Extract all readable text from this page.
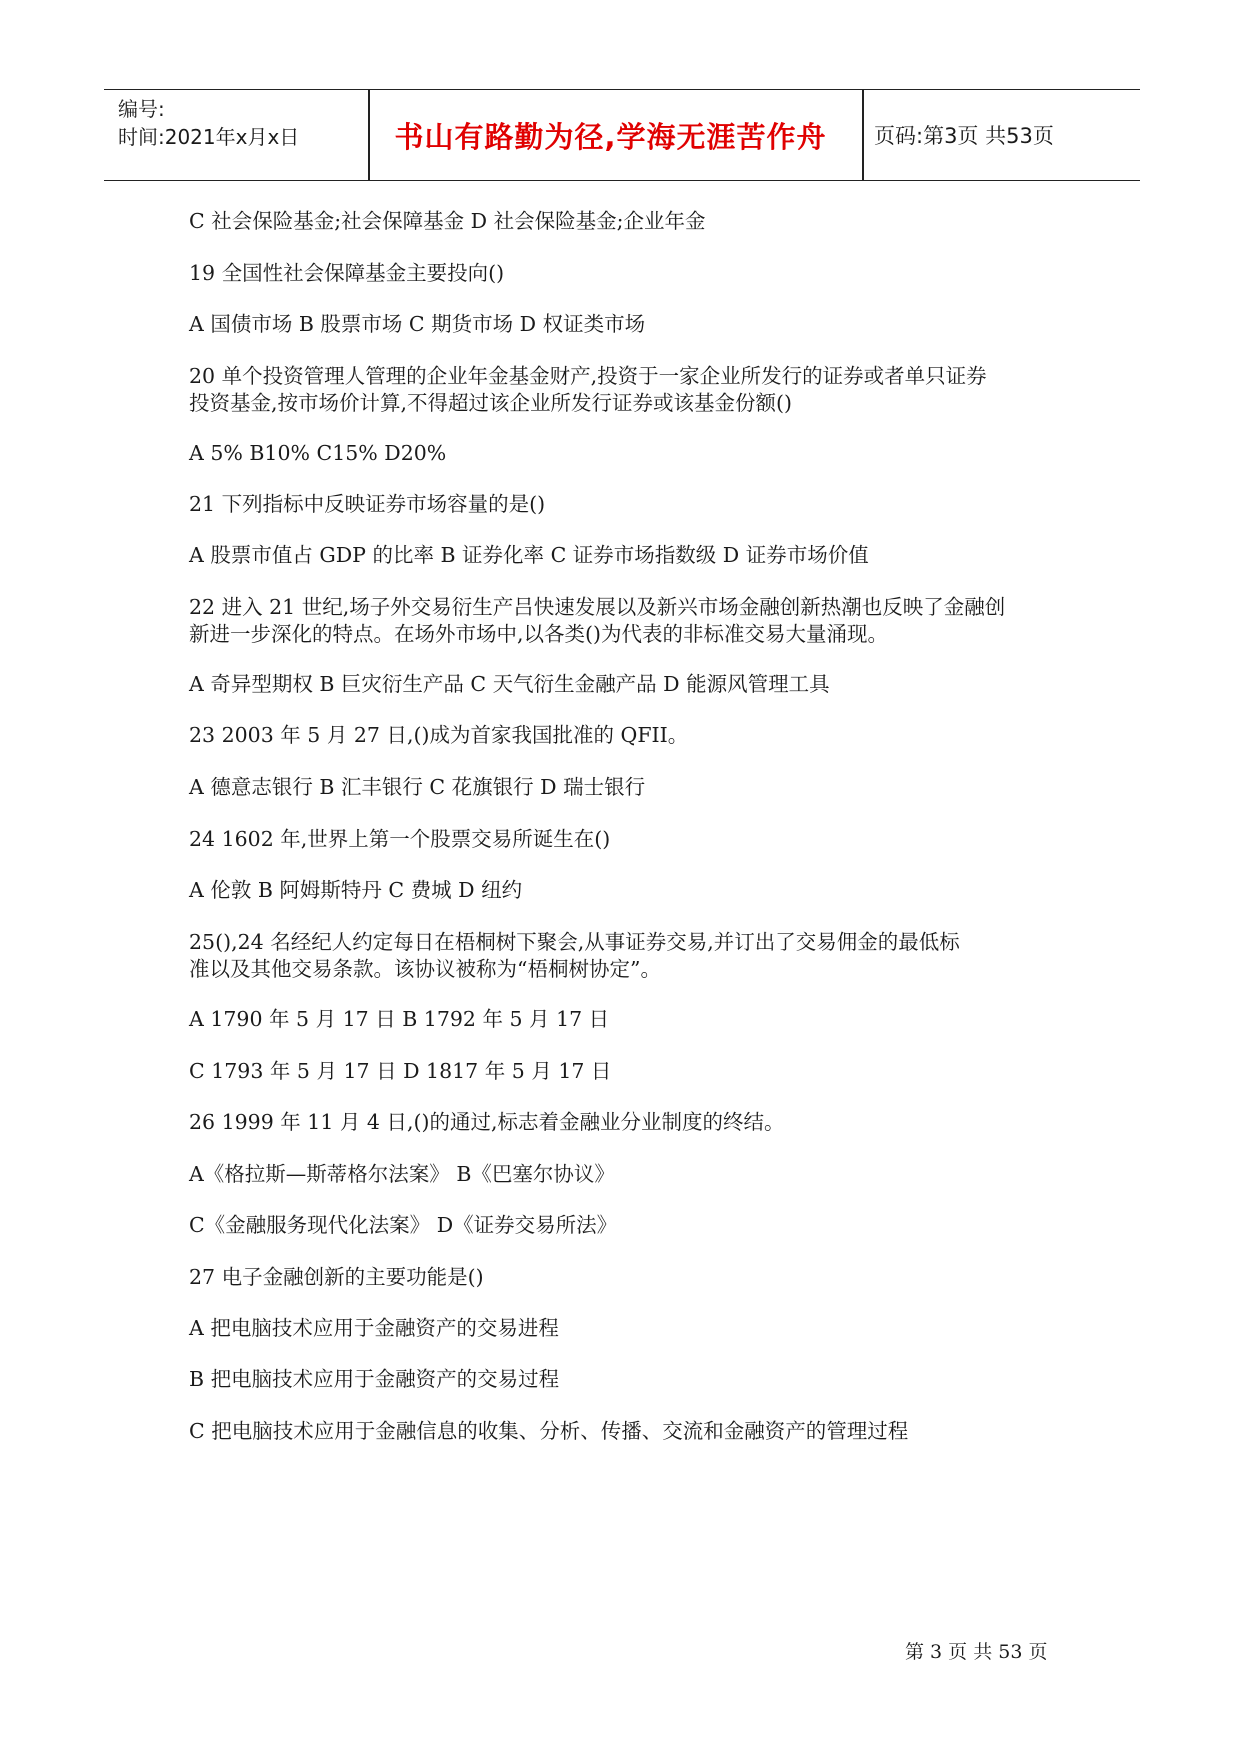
编号:
时间:2021年x月x日	书山有路勤为径,学海无涯苦作舟	页码:第3页 共53页
C 社会保险基金;社会保障基金 D 社会保险基金;企业年金
19 全国性社会保障基金主要投向()
A 国债市场 B 股票市场 C 期货市场 D 权证类市场
20 单个投资管理人管理的企业年金基金财产,投资于一家企业所发行的证券或者单只证券
投资基金,按市场价计算,不得超过该企业所发行证券或该基金份额()
A 5% B10% C15% D20%
21 下列指标中反映证券市场容量的是()
A 股票市值占 GDP 的比率 B 证券化率 C 证券市场指数级 D 证券市场价值
22 进入 21 世纪,场子外交易衍生产吕快速发展以及新兴市场金融创新热潮也反映了金融创
新进一步深化的特点。在场外市场中,以各类()为代表的非标准交易大量涌现。
A 奇异型期权 B 巨灾衍生产品 C 天气衍生金融产品 D 能源风管理工具
23 2003 年 5 月 27 日,()成为首家我国批准的 QFII。
A 德意志银行 B 汇丰银行 C 花旗银行 D 瑞士银行
24 1602 年,世界上第一个股票交易所诞生在()
A 伦敦 B 阿姆斯特丹 C 费城 D 纽约
25(),24 名经纪人约定每日在梧桐树下聚会,从事证券交易,并订出了交易佣金的最低标
准以及其他交易条款。该协议被称为“梧桐树协定”。
A 1790 年 5 月 17 日 B 1792 年 5 月 17 日
C 1793 年 5 月 17 日 D 1817 年 5 月 17 日
26 1999 年 11 月 4 日,()的通过,标志着金融业分业制度的终结。
A《格拉斯—斯蒂格尔法案》 B《巴塞尔协议》
C《金融服务现代化法案》 D《证券交易所法》
27 电子金融创新的主要功能是()
A 把电脑技术应用于金融资产的交易进程
B 把电脑技术应用于金融资产的交易过程
C 把电脑技术应用于金融信息的收集、分析、传播、交流和金融资产的管理过程
第 3 页 共 53 页
